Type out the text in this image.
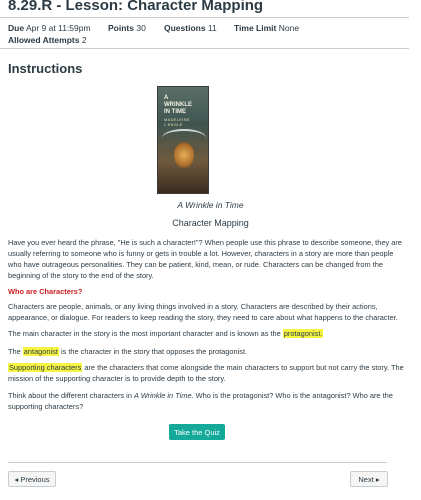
8.29.R - Lesson: Character Mapping
Due Apr 9 at 11:59pm Points 30 Questions 11 Time Limit None
Allowed Attempts 2
Instructions
A
WRINKLE
IN TIME
MADELEINE L'ENGLE
A Wrinkle in Time
Character Mapping
Have you ever heard the phrase, "He is such a character!"? When people use this phrase to describe someone, they are usually referring to someone who is funny or gets in trouble a lot. However, characters in a story are more than people who have outrageous personalities. They can be patient, kind, mean, or rude. Characters can be changed from the beginning of the story to the end of the story.
Who are Characters?
Characters are people, animals, or any living things involved in a story. Characters are described by their actions, appearance, or dialogue. For readers to keep reading the story, they need to care about what happens to the character.
The main character in the story is the most important character and is known as the protagonist.
The antagonist is the character in the story that opposes the protagonist.
Supporting characters are the characters that come alongside the main characters to support but not carry the story. The mission of the supporting character is to provide depth to the story.
Think about the different characters in A Wrinkle in Time. Who is the protagonist? Who is the antagonist? Who are the supporting characters?
Take the Quiz
◂ Previous	Next ▸
